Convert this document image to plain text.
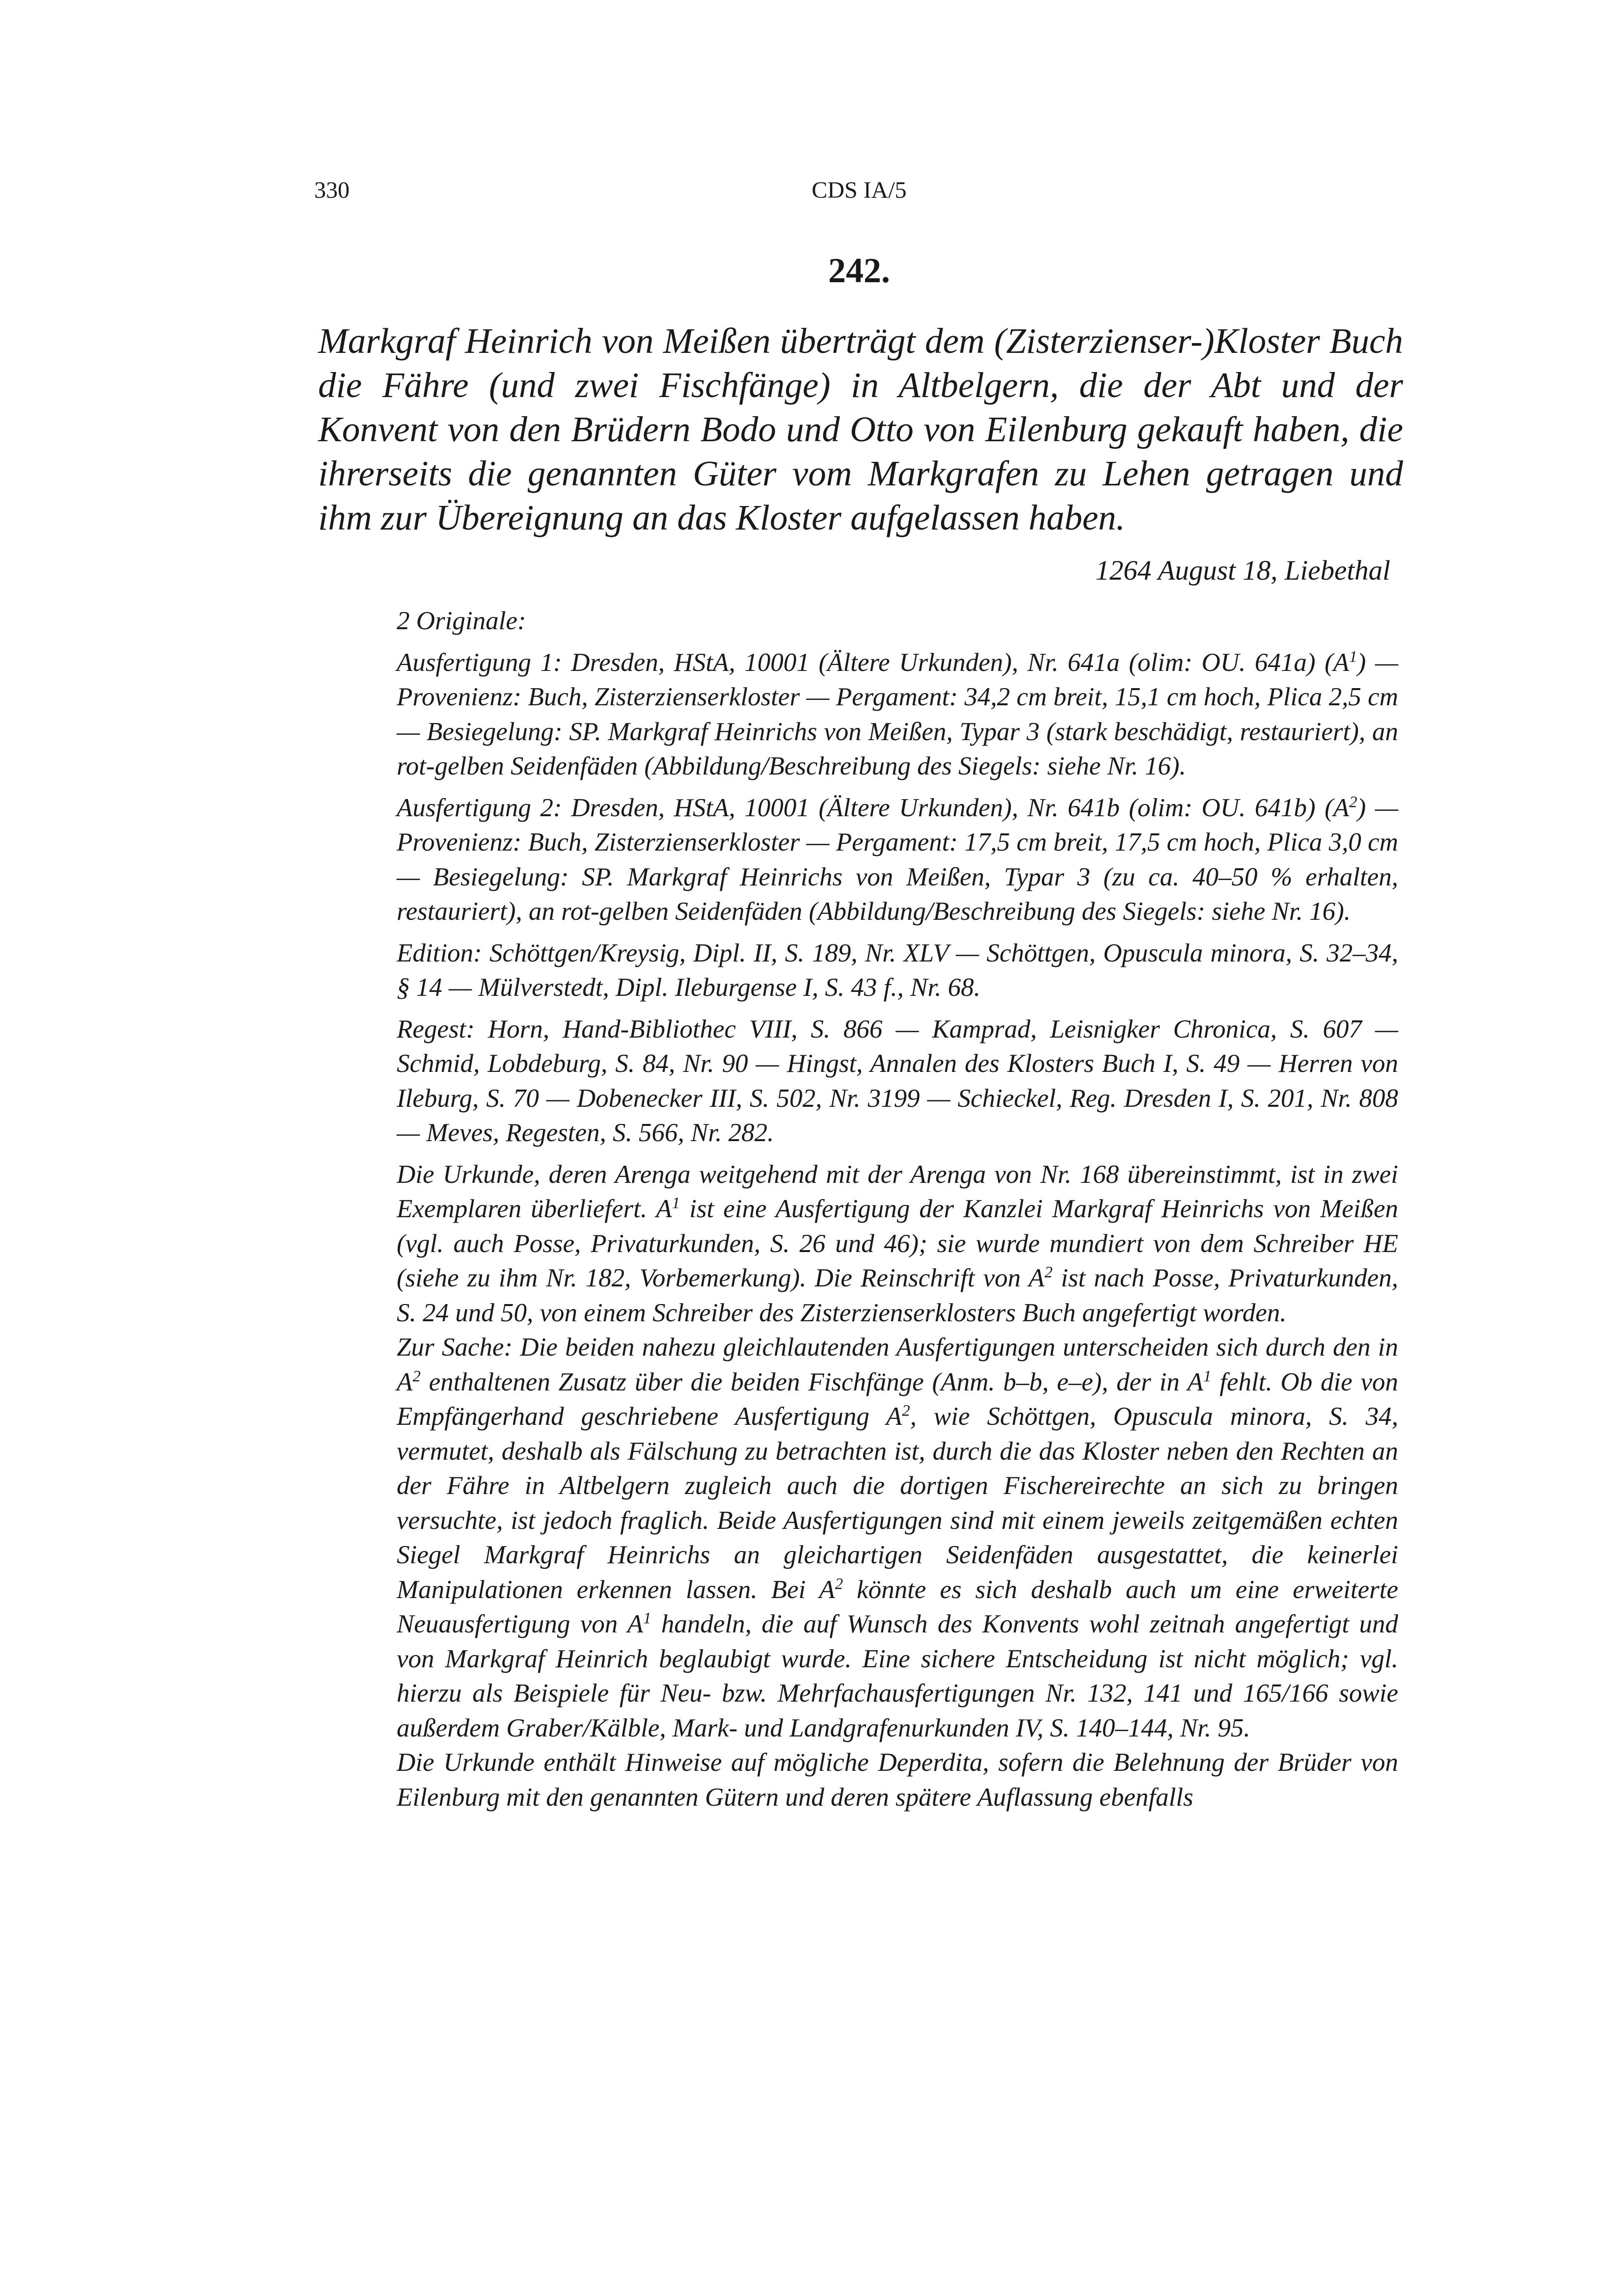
330	CDS IA/5
242.

Markgraf Heinrich von Meißen überträgt dem (Zisterzienser-)Kloster Buch die Fähre (und zwei Fischfänge) in Altbelgern, die der Abt und der Konvent von den Brüdern Bodo und Otto von Eilenburg gekauft haben, die ihrerseits die genannten Güter vom Markgrafen zu Lehen getragen und ihm zur Übereignung an das Kloster aufgelassen haben.

1264 August 18, Liebethal

2 Originale:

Ausfertigung 1: Dresden, HStA, 10001 (Ältere Urkunden), Nr. 641a (olim: OU. 641a) $(A^1)$ — Provenienz: Buch, Zisterzienserkloster — Pergament: 34,2 cm breit, 15,1 cm hoch, Plica 2,5 cm — Besiegelung: SP. Markgraf Heinrichs von Meißen, Typar 3 (stark beschädigt, restauriert), an rot-gelben Seidenfäden (Abbildung/Beschreibung des Siegels: siehe Nr. 16).

Ausfertigung 2: Dresden, HStA, 10001 (Ältere Urkunden), Nr. 641b (olim: OU. 641b) $(A^2)$ — Provenienz: Buch, Zisterzienserkloster — Pergament: 17,5 cm breit, 17,5 cm hoch, Plica 3,0 cm — Besiegelung: SP. Markgraf Heinrichs von Meißen, Typar 3 (zu ca. 40–50 % erhalten, restauriert), an rot-gelben Seidenfäden (Abbildung/Beschreibung des Siegels: siehe Nr. 16).

Edition: Schöttgen/Kreysig, Dipl. II, S. 189, Nr. XLV — Schöttgen, Opuscula minora, S. 32–34, § 14 — Mülverstedt, Dipl. Ileburgense I, S. 43 f., Nr. 68.

Regest: Horn, Hand-Bibliothec VIII, S. 866 — Kamprad, Leisnigker Chronica, S. 607 — Schmid, Lobdeburg, S. 84, Nr. 90 — Hingst, Annalen des Klosters Buch I, S. 49 — Herren von Ileburg, S. 70 — Dobenecker III, S. 502, Nr. 3199 — Schieckel, Reg. Dresden I, S. 201, Nr. 808 — Meves, Regesten, S. 566, Nr. 282.

Die Urkunde, deren Arenga weitgehend mit der Arenga von Nr. 168 übereinstimmt, ist in zwei Exemplaren überliefert. $A^1$ ist eine Ausfertigung der Kanzlei Markgraf Heinrichs von Meißen (vgl. auch Posse, Privaturkunden, S. 26 und 46); sie wurde mundiert von dem Schreiber HE (siehe zu ihm Nr. 182, Vorbemerkung). Die Reinschrift von $A^2$ ist nach Posse, Privaturkunden, S. 24 und 50, von einem Schreiber des Zisterzienserklosters Buch angefertigt worden.

Zur Sache: Die beiden nahezu gleichlautenden Ausfertigungen unterscheiden sich durch den in $A^2$ enthaltenen Zusatz über die beiden Fischfänge (Anm. b–b, e–e), der in $A^1$ fehlt. Ob die von Empfängerhand geschriebene Ausfertigung $A^2$, wie Schöttgen, Opuscula minora, S. 34, vermutet, deshalb als Fälschung zu betrachten ist, durch die das Kloster neben den Rechten an der Fähre in Altbelgern zugleich auch die dortigen Fischereirechte an sich zu bringen versuchte, ist jedoch fraglich. Beide Ausfertigungen sind mit einem jeweils zeitgemäßen echten Siegel Markgraf Heinrichs an gleichartigen Seidenfäden ausgestattet, die keinerlei Manipulationen erkennen lassen. Bei $A^2$ könnte es sich deshalb auch um eine erweiterte Neuausfertigung von $A^1$ handeln, die auf Wunsch des Konvents wohl zeitnah angefertigt und von Markgraf Heinrich beglaubigt wurde. Eine sichere Entscheidung ist nicht möglich; vgl. hierzu als Beispiele für Neu- bzw. Mehrfachausfertigungen Nr. 132, 141 und 165/166 sowie außerdem Graber/Kälble, Mark- und Landgrafenurkunden IV, S. 140–144, Nr. 95.

Die Urkunde enthält Hinweise auf mögliche Deperdita, sofern die Belehnung der Brüder von Eilenburg mit den genannten Gütern und deren spätere Auflassung ebenfalls
